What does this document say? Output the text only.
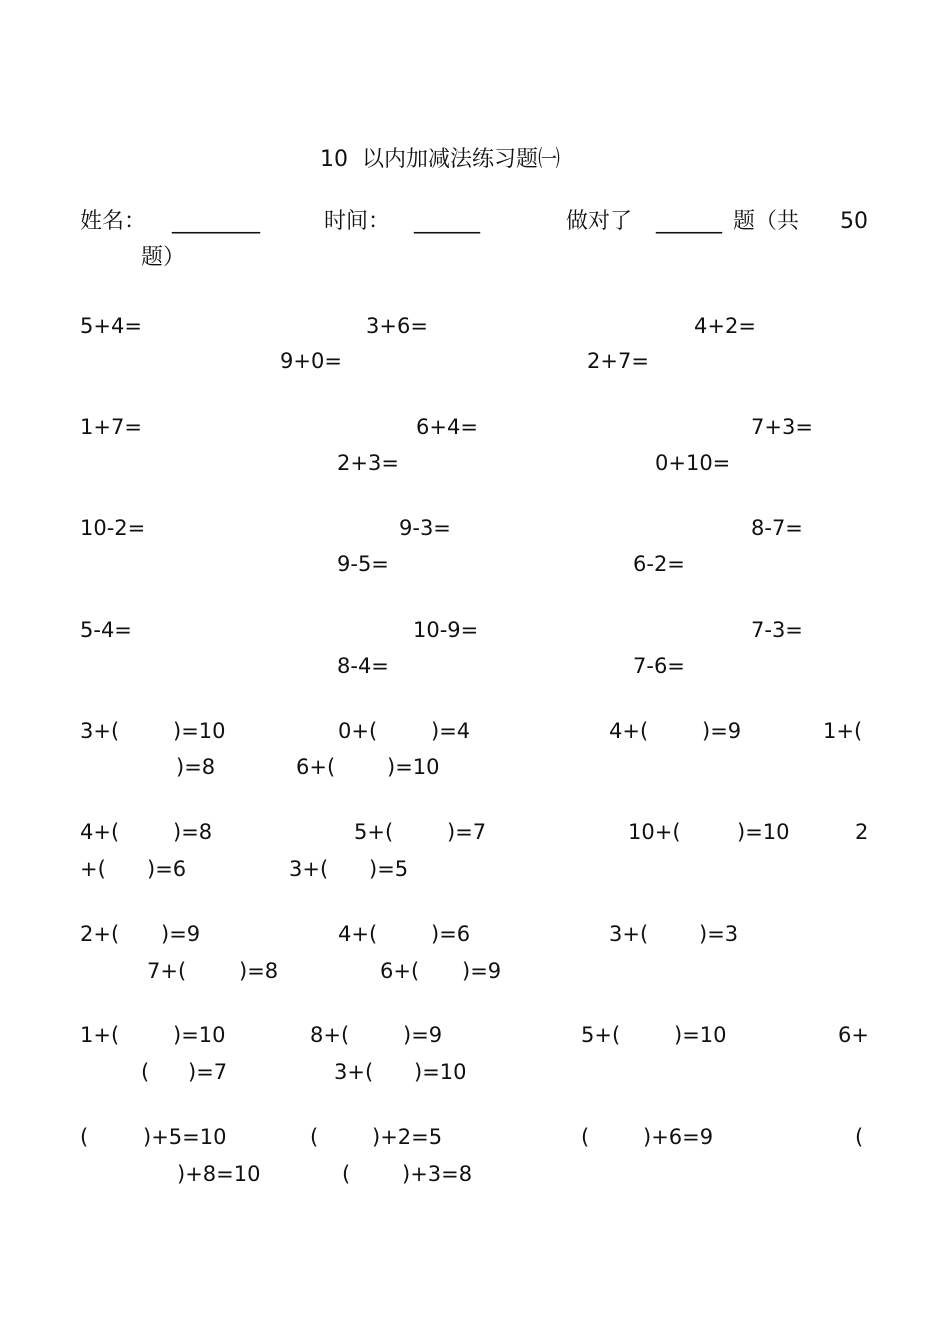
10  以内加减法练习题㈠
姓名： ________	时间： ______	做对了 ______ 题（共 50
题）
5+4=	3+6=	4+2=
9+0=	2+7=
1+7=	6+4=	7+3=
2+3=	0+10=
10-2=	9-3=	8-7=
9-5=	6-2=
5-4=	10-9=	7-3=
8-4=	7-6=
3+(	)=10	0+(	)=4	4+(	)=9	1+(
)=8	6+( )=10
4+(	)=8	5+(	)=7	10+(	)=10	2
+( )=6	3+( )=5
2+( )=9	4+(	)=6	3+( )=3
7+(	)=8	6+( )=9
1+(	)=10	8+(	)=9	5+(	)=10	6+
( )=7	3+( )=10
(	)+5=10	(	)+2=5	(	)+6=9	(
)+8=10	( )+3=8
